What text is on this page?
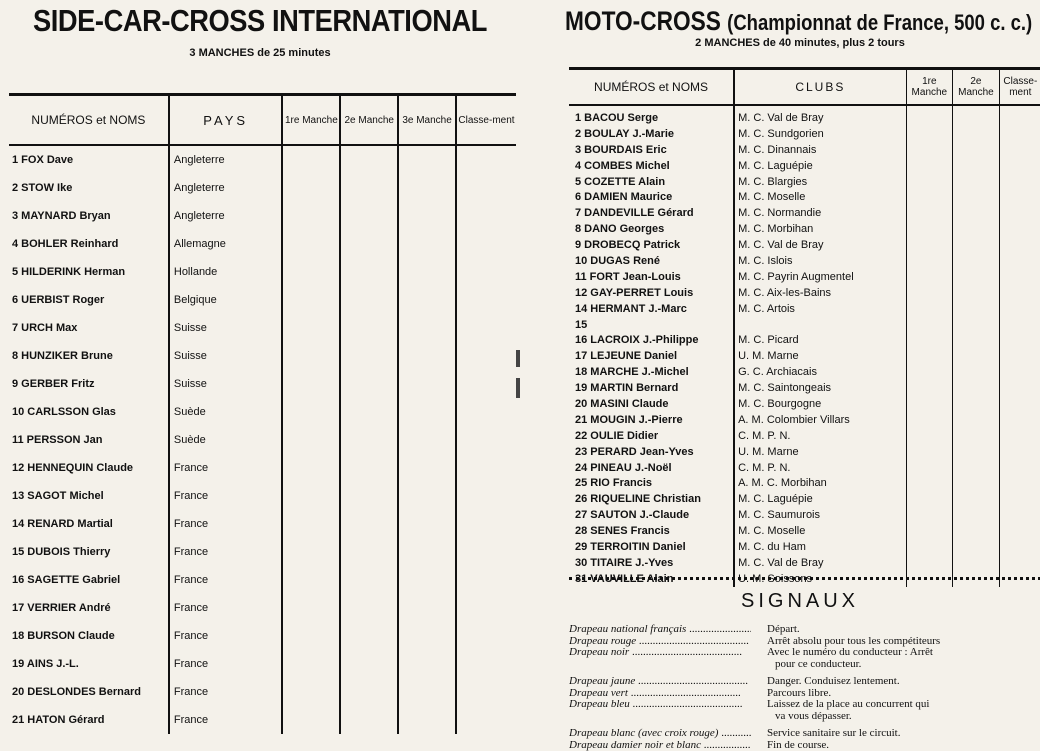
SIDE-CAR-CROSS INTERNATIONAL
3 MANCHES de 25 minutes
NUMÉROS et NOMS	PAYS	1re Manche	2e Manche	3e Manche	Classe-ment
1 FOX Dave	Angleterre				
2 STOW Ike	Angleterre				
3 MAYNARD Bryan	Angleterre				
4 BOHLER Reinhard	Allemagne				
5 HILDERINK Herman	Hollande				
6 UERBIST Roger	Belgique				
7 URCH Max	Suisse				
8 HUNZIKER Brune	Suisse				
9 GERBER Fritz	Suisse				
10 CARLSSON Glas	Suède				
11 PERSSON Jan	Suède				
12 HENNEQUIN Claude	France				
13 SAGOT Michel	France				
14 RENARD Martial	France				
15 DUBOIS Thierry	France				
16 SAGETTE Gabriel	France				
17 VERRIER André	France				
18 BURSON Claude	France				
19 AINS J.-L.	France				
20 DESLONDES Bernard	France				
21 HATON Gérard	France				
MOTO-CROSS (Championnat de France, 500 c. c.)
2 MANCHES de 40 minutes, plus 2 tours
NUMÉROS et NOMS	CLUBS	1re Manche	2e Manche	Classe-ment
1 BACOU Serge	M. C. Val de Bray			
2 BOULAY J.-Marie	M. C. Sundgorien			
3 BOURDAIS Eric	M. C. Dinannais			
4 COMBES Michel	M. C. Laguépie			
5 COZETTE Alain	M. C. Blargies			
6 DAMIEN Maurice	M. C. Moselle			
7 DANDEVILLE Gérard	M. C. Normandie			
8 DANO Georges	M. C. Morbihan			
9 DROBECQ Patrick	M. C. Val de Bray			
10 DUGAS René	M. C. Islois			
11 FORT Jean-Louis	M. C. Payrin Augmentel			
12 GAY-PERRET Louis	M. C. Aix-les-Bains			
14 HERMANT J.-Marc	M. C. Artois			
15				
16 LACROIX J.-Philippe	M. C. Picard			
17 LEJEUNE Daniel	U. M. Marne			
18 MARCHE J.-Michel	G. C. Archiacais			
19 MARTIN Bernard	M. C. Saintongeais			
20 MASINI Claude	M. C. Bourgogne			
21 MOUGIN J.-Pierre	A. M. Colombier Villars			
22 OULIE Didier	C. M. P. N.			
23 PERARD Jean-Yves	U. M. Marne			
24 PINEAU J.-Noël	C. M. P. N.			
25 RIO Francis	A. M. C. Morbihan			
26 RIQUELINE Christian	M. C. Laguépie			
27 SAUTON J.-Claude	M. C. Saumurois			
28 SENES Francis	M. C. Moselle			
29 TERROITIN Daniel	M. C. du Ham			
30 TITAIRE J.-Yves	M. C. Val de Bray			
31 VAUVILLE Alain	U. M. Soissons			
SIGNAUX
Drapeau national français .....	Départ.
Drapeau rouge .....	Arrêt absolu pour tous les compétiteurs
Drapeau noir .....	Avec le numéro du conducteur : Arrêt
pour ce conducteur.
Drapeau jaune .....	Danger. Conduisez lentement.
Drapeau vert .....	Parcours libre.
Drapeau bleu .....	Laissez de la place au concurrent qui
va vous dépasser.
Drapeau blanc (avec croix rouge) .....	Service sanitaire sur le circuit.
Drapeau damier noir et blanc .....	Fin de course.
